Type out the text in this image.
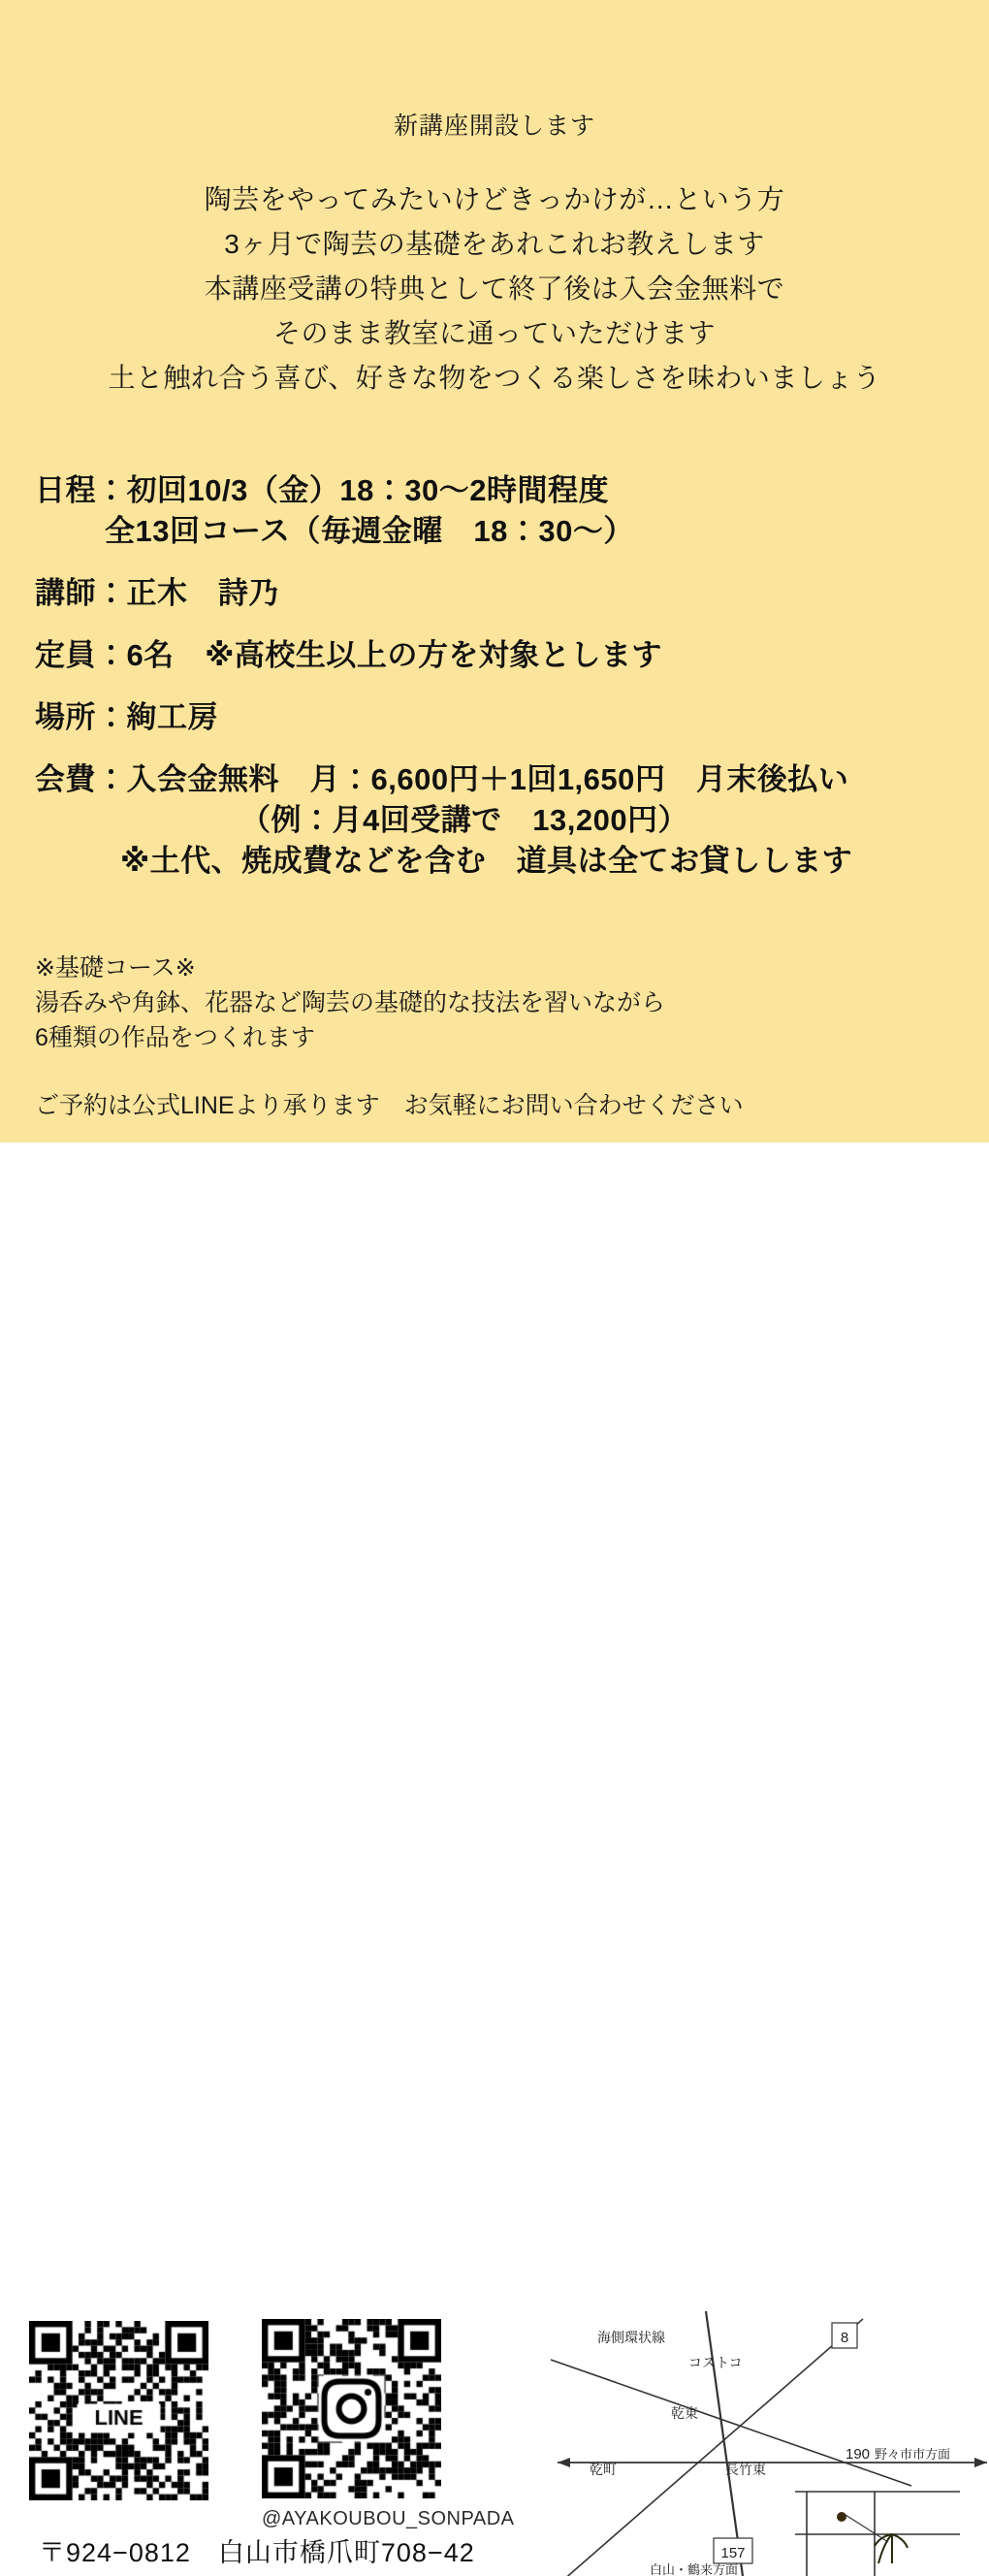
新講座開設します
陶芸をやってみたいけどきっかけが…という方
3ヶ月で陶芸の基礎をあれこれお教えします
本講座受講の特典として終了後は入会金無料で
そのまま教室に通っていただけます
土と触れ合う喜び、好きな物をつくる楽しさを味わいましょう
日程：初回10/3（金）18：30〜2時間程度
全13回コース（毎週金曜　18：30〜）
講師：正木　詩乃
定員：6名　※高校生以上の方を対象とします
場所：絢工房
会費：入会金無料　月：6,600円＋1回1,650円　月末後払い
（例：月4回受講で　13,200円）
※土代、焼成費などを含む　道具は全てお貸しします
※基礎コース※
湯呑みや角鉢、花器など陶芸の基礎的な技法を習いながら
6種類の作品をつくれます
ご予約は公式LINEより承ります　お気軽にお問い合わせください
@AYAKOUBOU_SONPADA
〒924−0812　白山市橋爪町708−42
8
157
海側環状線
コストコ
乾東
乾町	長竹東
190 野々市市方面
白山・鶴来方面
